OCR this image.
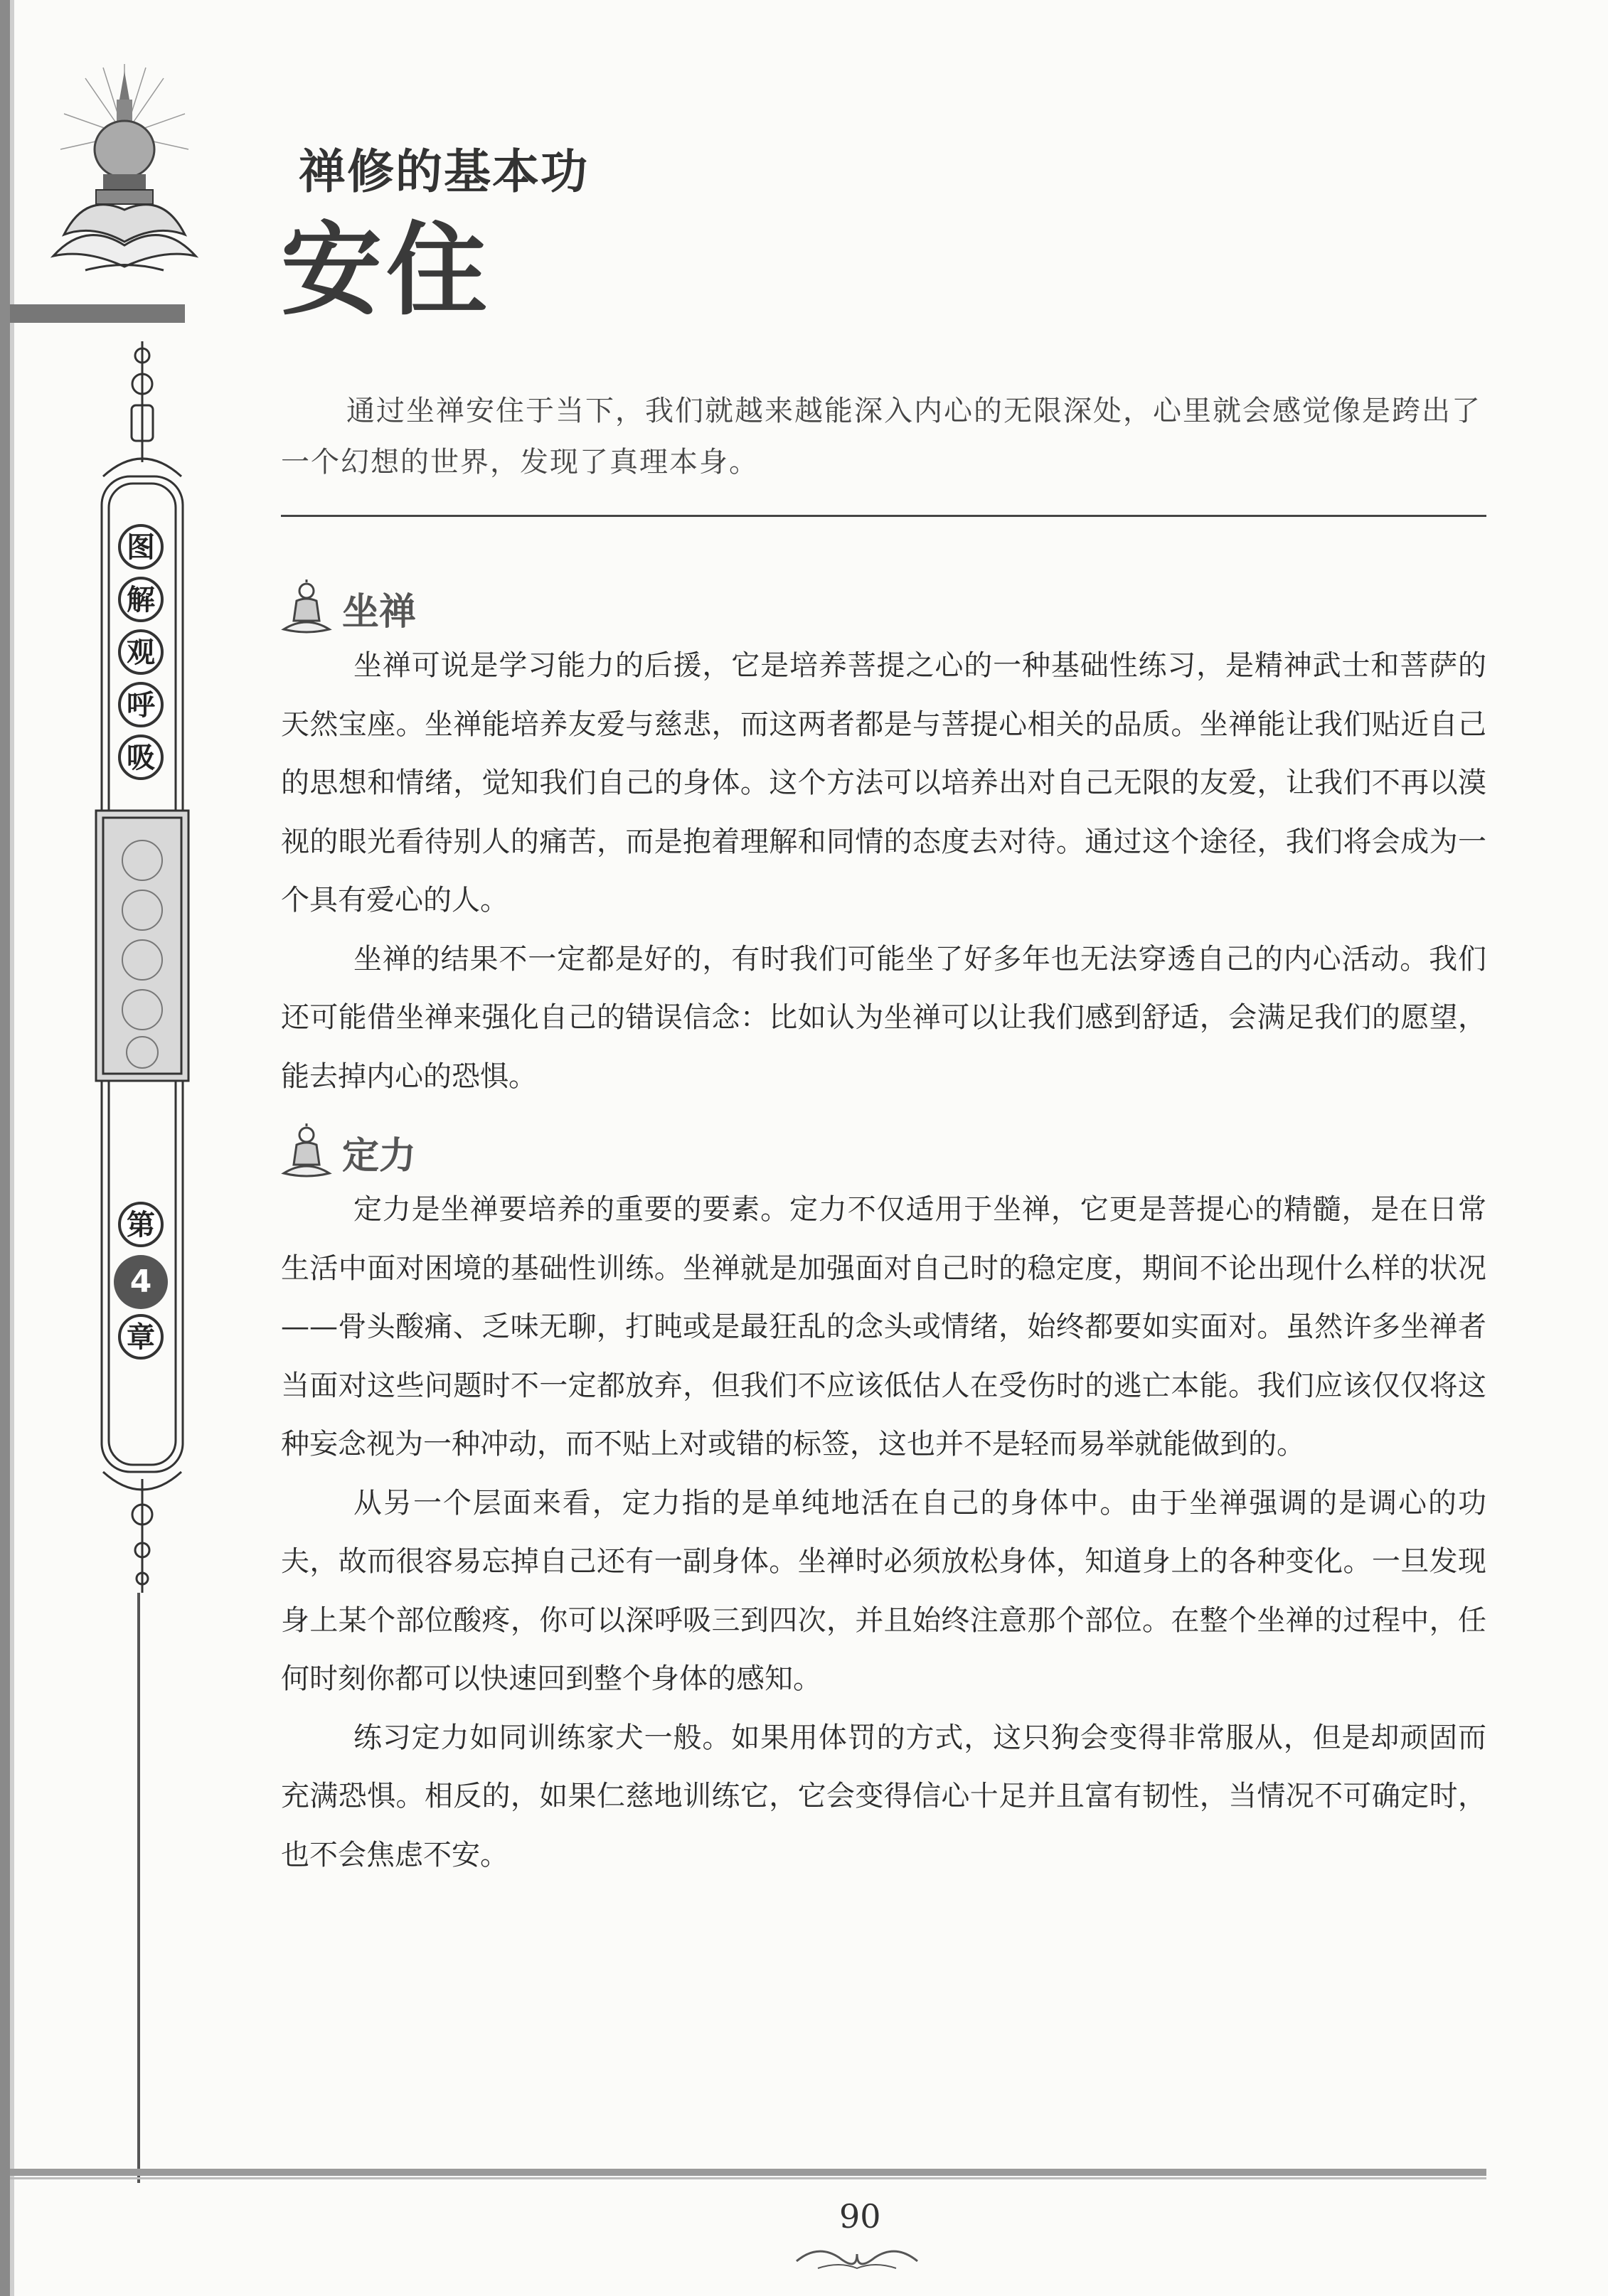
图
解
观
呼
吸
第
4
章
禅修的基本功
安住
通过坐禅安住于当下，我们就越来越能深入内心的无限深处，心里就会感觉像是跨出了一个幻想的世界，发现了真理本身。
坐禅

坐禅可说是学习能力的后援，它是培养菩提之心的一种基础性练习，是精神武士和菩萨的天然宝座。坐禅能培养友爱与慈悲，而这两者都是与菩提心相关的品质。坐禅能让我们贴近自己的思想和情绪，觉知我们自己的身体。这个方法可以培养出对自己无限的友爱，让我们不再以漠视的眼光看待别人的痛苦，而是抱着理解和同情的态度去对待。通过这个途径，我们将会成为一个具有爱心的人。

坐禅的结果不一定都是好的，有时我们可能坐了好多年也无法穿透自己的内心活动。我们还可能借坐禅来强化自己的错误信念：比如认为坐禅可以让我们感到舒适，会满足我们的愿望，能去掉内心的恐惧。

定力

定力是坐禅要培养的重要的要素。定力不仅适用于坐禅，它更是菩提心的精髓，是在日常生活中面对困境的基础性训练。坐禅就是加强面对自己时的稳定度，期间不论出现什么样的状况——骨头酸痛、乏味无聊，打盹或是最狂乱的念头或情绪，始终都要如实面对。虽然许多坐禅者当面对这些问题时不一定都放弃，但我们不应该低估人在受伤时的逃亡本能。我们应该仅仅将这种妄念视为一种冲动，而不贴上对或错的标签，这也并不是轻而易举就能做到的。

从另一个层面来看，定力指的是单纯地活在自己的身体中。由于坐禅强调的是调心的功夫，故而很容易忘掉自己还有一副身体。坐禅时必须放松身体，知道身上的各种变化。一旦发现身上某个部位酸疼，你可以深呼吸三到四次，并且始终注意那个部位。在整个坐禅的过程中，任何时刻你都可以快速回到整个身体的感知。

练习定力如同训练家犬一般。如果用体罚的方式，这只狗会变得非常服从，但是却顽固而充满恐惧。相反的，如果仁慈地训练它，它会变得信心十足并且富有韧性，当情况不可确定时，也不会焦虑不安。

90
